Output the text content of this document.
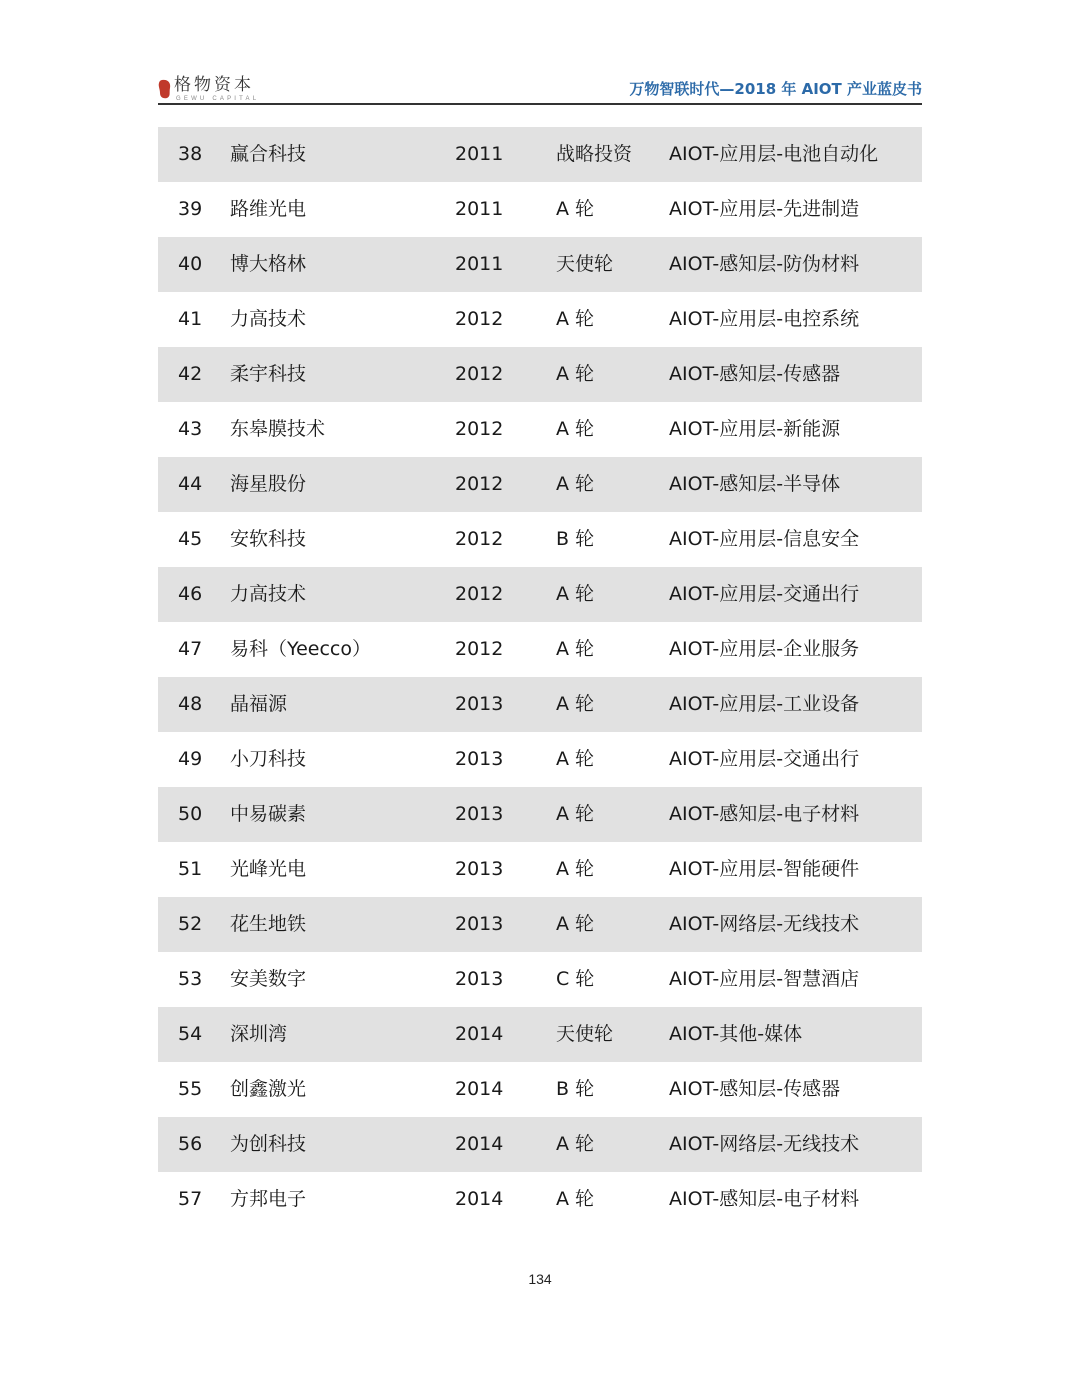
格物资本
GEWU CAPITAL
万物智联时代—2018 年 AIOT 产业蓝皮书
38 赢合科技	2011	战略投资 AIOT-应用层-电池自动化
39 路维光电	2011	A 轮	AIOT-应用层-先进制造
40 博大格林	2011	天使轮	AIOT-感知层-防伪材料
41 力高技术	2012	A 轮	AIOT-应用层-电控系统
42 柔宇科技	2012	A 轮	AIOT-感知层-传感器
43 东皋膜技术	2012	A 轮	AIOT-应用层-新能源
44 海星股份	2012	A 轮	AIOT-感知层-半导体
45 安软科技	2012	B 轮	AIOT-应用层-信息安全
46 力高技术	2012	A 轮	AIOT-应用层-交通出行
47 易科（Yeecco）	2012	A 轮	AIOT-应用层-企业服务
48 晶福源	2013	A 轮	AIOT-应用层-工业设备
49 小刀科技	2013	A 轮	AIOT-应用层-交通出行
50 中易碳素	2013	A 轮	AIOT-感知层-电子材料
51 光峰光电	2013	A 轮	AIOT-应用层-智能硬件
52 花生地铁	2013	A 轮	AIOT-网络层-无线技术
53 安美数字	2013	C 轮	AIOT-应用层-智慧酒店
54 深圳湾	2014	天使轮	AIOT-其他-媒体
55 创鑫激光	2014	B 轮	AIOT-感知层-传感器
56 为创科技	2014	A 轮	AIOT-网络层-无线技术
57 方邦电子	2014	A 轮	AIOT-感知层-电子材料
134
